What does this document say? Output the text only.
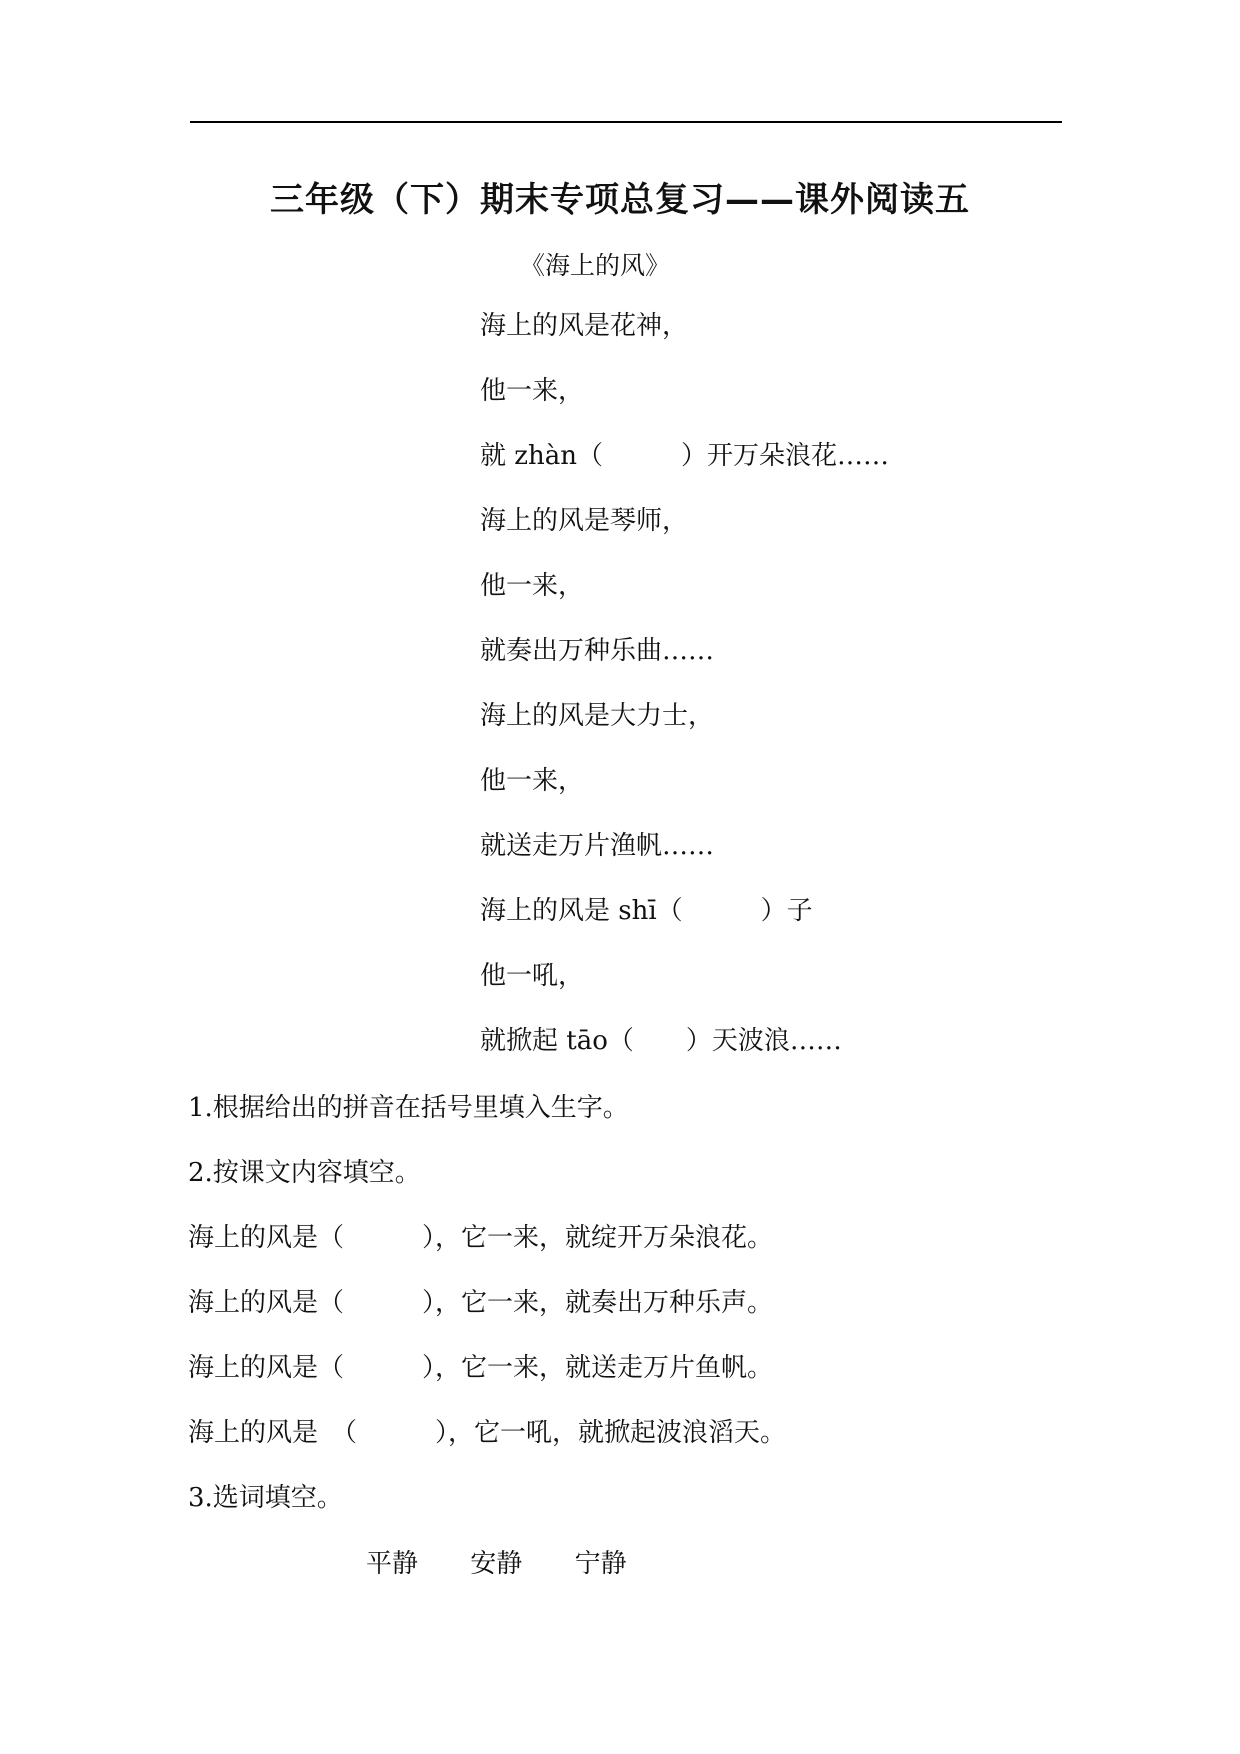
三年级（下）期末专项总复习——课外阅读五
《海上的风》
海上的风是花神，
他一来，
就 zhàn（　　　）开万朵浪花……
海上的风是琴师，
他一来，
就奏出万种乐曲……
海上的风是大力士，
他一来，
就送走万片渔帆……
海上的风是 shī（　　　）子
他一吼，
就掀起 tāo（　　）天波浪……
1.根据给出的拼音在括号里填入生字。
2.按课文内容填空。
海上的风是（　　　），它一来，就绽开万朵浪花。
海上的风是（　　　），它一来，就奏出万种乐声。
海上的风是（　　　），它一来，就送走万片鱼帆。
海上的风是　（　　　），它一吼，就掀起波浪滔天。
3.选词填空。
平静 安静 宁静
